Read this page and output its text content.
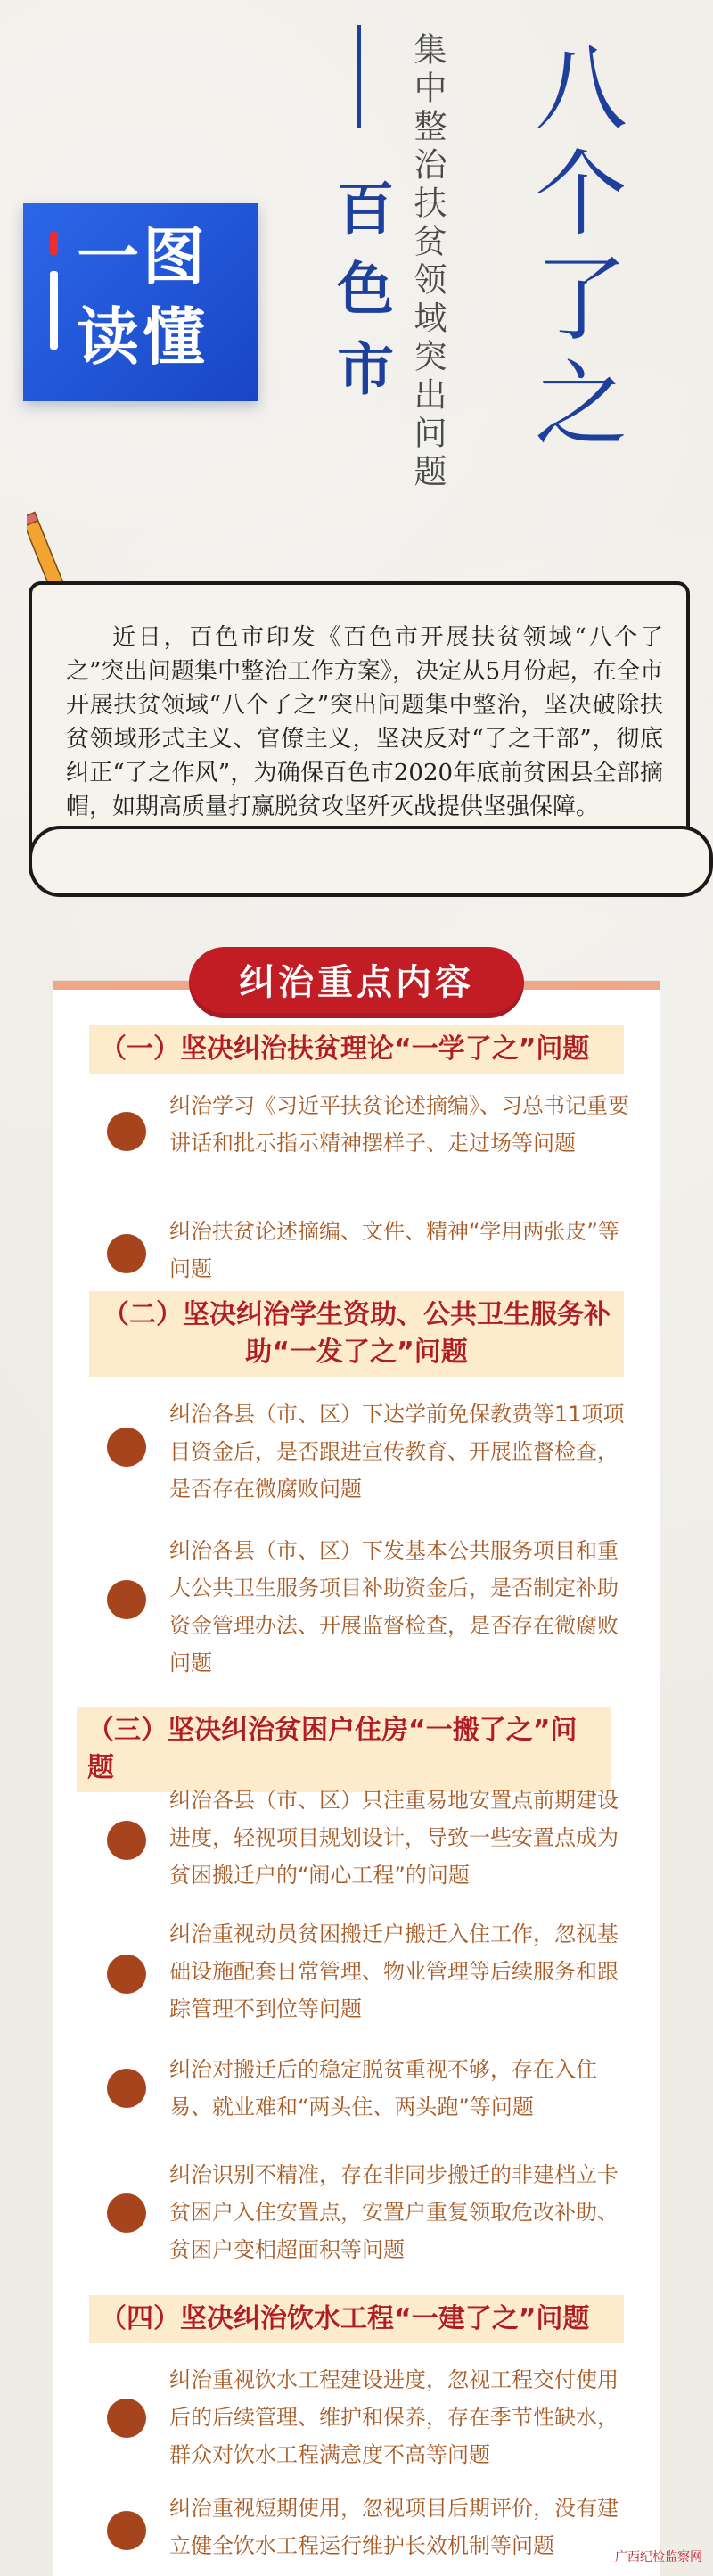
一图
读懂	集中整治扶贫领域突出问题
百色市 八个了之
近日，百色市印发《百色市开展扶贫领域“八个了之”突出问题集中整治工作方案》，决定从5月份起，在全市开展扶贫领域“八个了之”突出问题集中整治，坚决破除扶贫领域形式主义、官僚主义，坚决反对“了之干部”，彻底纠正“了之作风”，为确保百色市2020年底前贫困县全部摘帽，如期高质量打赢脱贫攻坚歼灭战提供坚强保障。
纠治重点内容
（一）坚决纠治扶贫理论“一学了之”问题
纠治学习《习近平扶贫论述摘编》、习总书记重要讲话和批示指示精神摆样子、走过场等问题
纠治扶贫论述摘编、文件、精神“学用两张皮”等问题
（二）坚决纠治学生资助、公共卫生服务补助“一发了之”问题
纠治各县（市、区）下达学前免保教费等11项项目资金后，是否跟进宣传教育、开展监督检查，是否存在微腐败问题
纠治各县（市、区）下发基本公共服务项目和重大公共卫生服务项目补助资金后，是否制定补助资金管理办法、开展监督检查，是否存在微腐败问题
（三）坚决纠治贫困户住房“一搬了之”问题
纠治各县（市、区）只注重易地安置点前期建设进度，轻视项目规划设计，导致一些安置点成为贫困搬迁户的“闹心工程”的问题
纠治重视动员贫困搬迁户搬迁入住工作，忽视基础设施配套日常管理、物业管理等后续服务和跟踪管理不到位等问题
纠治对搬迁后的稳定脱贫重视不够，存在入住易、就业难和“两头住、两头跑”等问题
纠治识别不精准，存在非同步搬迁的非建档立卡贫困户入住安置点，安置户重复领取危改补助、贫困户变相超面积等问题
（四）坚决纠治饮水工程“一建了之”问题
纠治重视饮水工程建设进度，忽视工程交付使用后的后续管理、维护和保养，存在季节性缺水，群众对饮水工程满意度不高等问题
纠治重视短期使用，忽视项目后期评价，没有建立健全饮水工程运行维护长效机制等问题	广西纪检监察网
